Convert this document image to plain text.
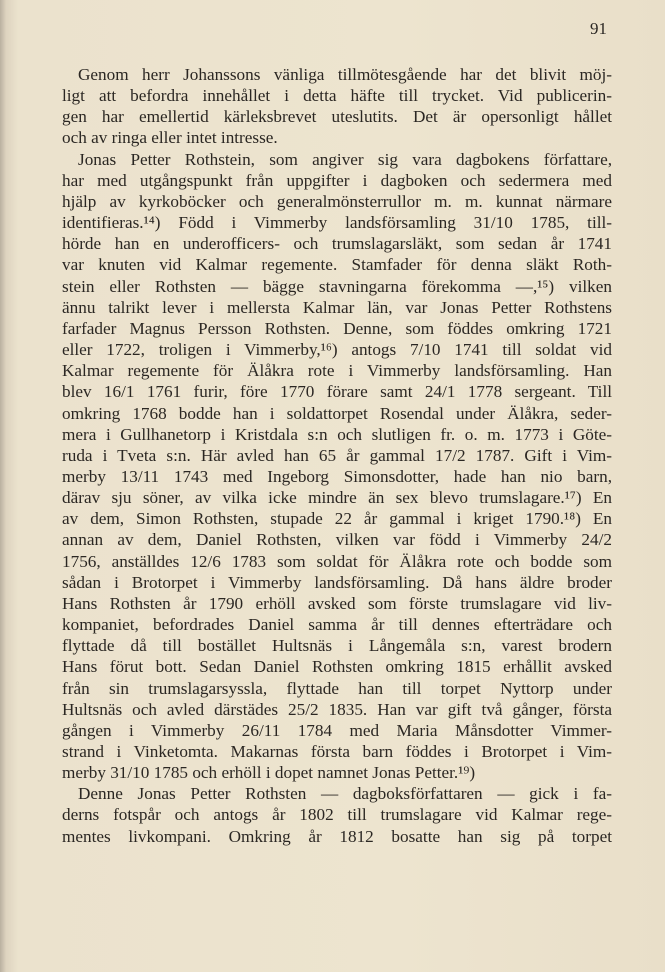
91
Genom herr Johanssons vänliga tillmötesgående har det blivit möj-
ligt att befordra innehållet i detta häfte till trycket. Vid publicerin-
gen har emellertid kärleksbrevet uteslutits. Det är opersonligt hållet
och av ringa eller intet intresse.
Jonas Petter Rothstein, som angiver sig vara dagbokens författare,
har med utgångspunkt från uppgifter i dagboken och sedermera med
hjälp av kyrkoböcker och generalmönsterrullor m. m. kunnat närmare
identifieras.¹⁴) Född i Vimmerby landsförsamling 31/10 1785, till-
hörde han en underofficers- och trumslagarsläkt, som sedan år 1741
var knuten vid Kalmar regemente. Stamfader för denna släkt Roth-
stein eller Rothsten — bägge stavningarna förekomma —,¹⁵) vilken
ännu talrikt lever i mellersta Kalmar län, var Jonas Petter Rothstens
farfader Magnus Persson Rothsten. Denne, som föddes omkring 1721
eller 1722, troligen i Vimmerby,¹⁶) antogs 7/10 1741 till soldat vid
Kalmar regemente för Älåkra rote i Vimmerby landsförsamling. Han
blev 16/1 1761 furir, före 1770 förare samt 24/1 1778 sergeant. Till
omkring 1768 bodde han i soldattorpet Rosendal under Älåkra, seder-
mera i Gullhanetorp i Kristdala s:n och slutligen fr. o. m. 1773 i Göte-
ruda i Tveta s:n. Här avled han 65 år gammal 17/2 1787. Gift i Vim-
merby 13/11 1743 med Ingeborg Simonsdotter, hade han nio barn,
därav sju söner, av vilka icke mindre än sex blevo trumslagare.¹⁷) En
av dem, Simon Rothsten, stupade 22 år gammal i kriget 1790.¹⁸) En
annan av dem, Daniel Rothsten, vilken var född i Vimmerby 24/2
1756, anställdes 12/6 1783 som soldat för Älåkra rote och bodde som
sådan i Brotorpet i Vimmerby landsförsamling. Då hans äldre broder
Hans Rothsten år 1790 erhöll avsked som förste trumslagare vid liv-
kompaniet, befordrades Daniel samma år till dennes efterträdare och
flyttade då till bostället Hultsnäs i Långemåla s:n, varest brodern
Hans förut bott. Sedan Daniel Rothsten omkring 1815 erhållit avsked
från sin trumslagarsyssla, flyttade han till torpet Nyttorp under
Hultsnäs och avled därstädes 25/2 1835. Han var gift två gånger, första
gången i Vimmerby 26/11 1784 med Maria Månsdotter Vimmer-
strand i Vinketomta. Makarnas första barn föddes i Brotorpet i Vim-
merby 31/10 1785 och erhöll i dopet namnet Jonas Petter.¹⁹)
Denne Jonas Petter Rothsten — dagboksförfattaren — gick i fa-
derns fotspår och antogs år 1802 till trumslagare vid Kalmar rege-
mentes livkompani. Omkring år 1812 bosatte han sig på torpet
